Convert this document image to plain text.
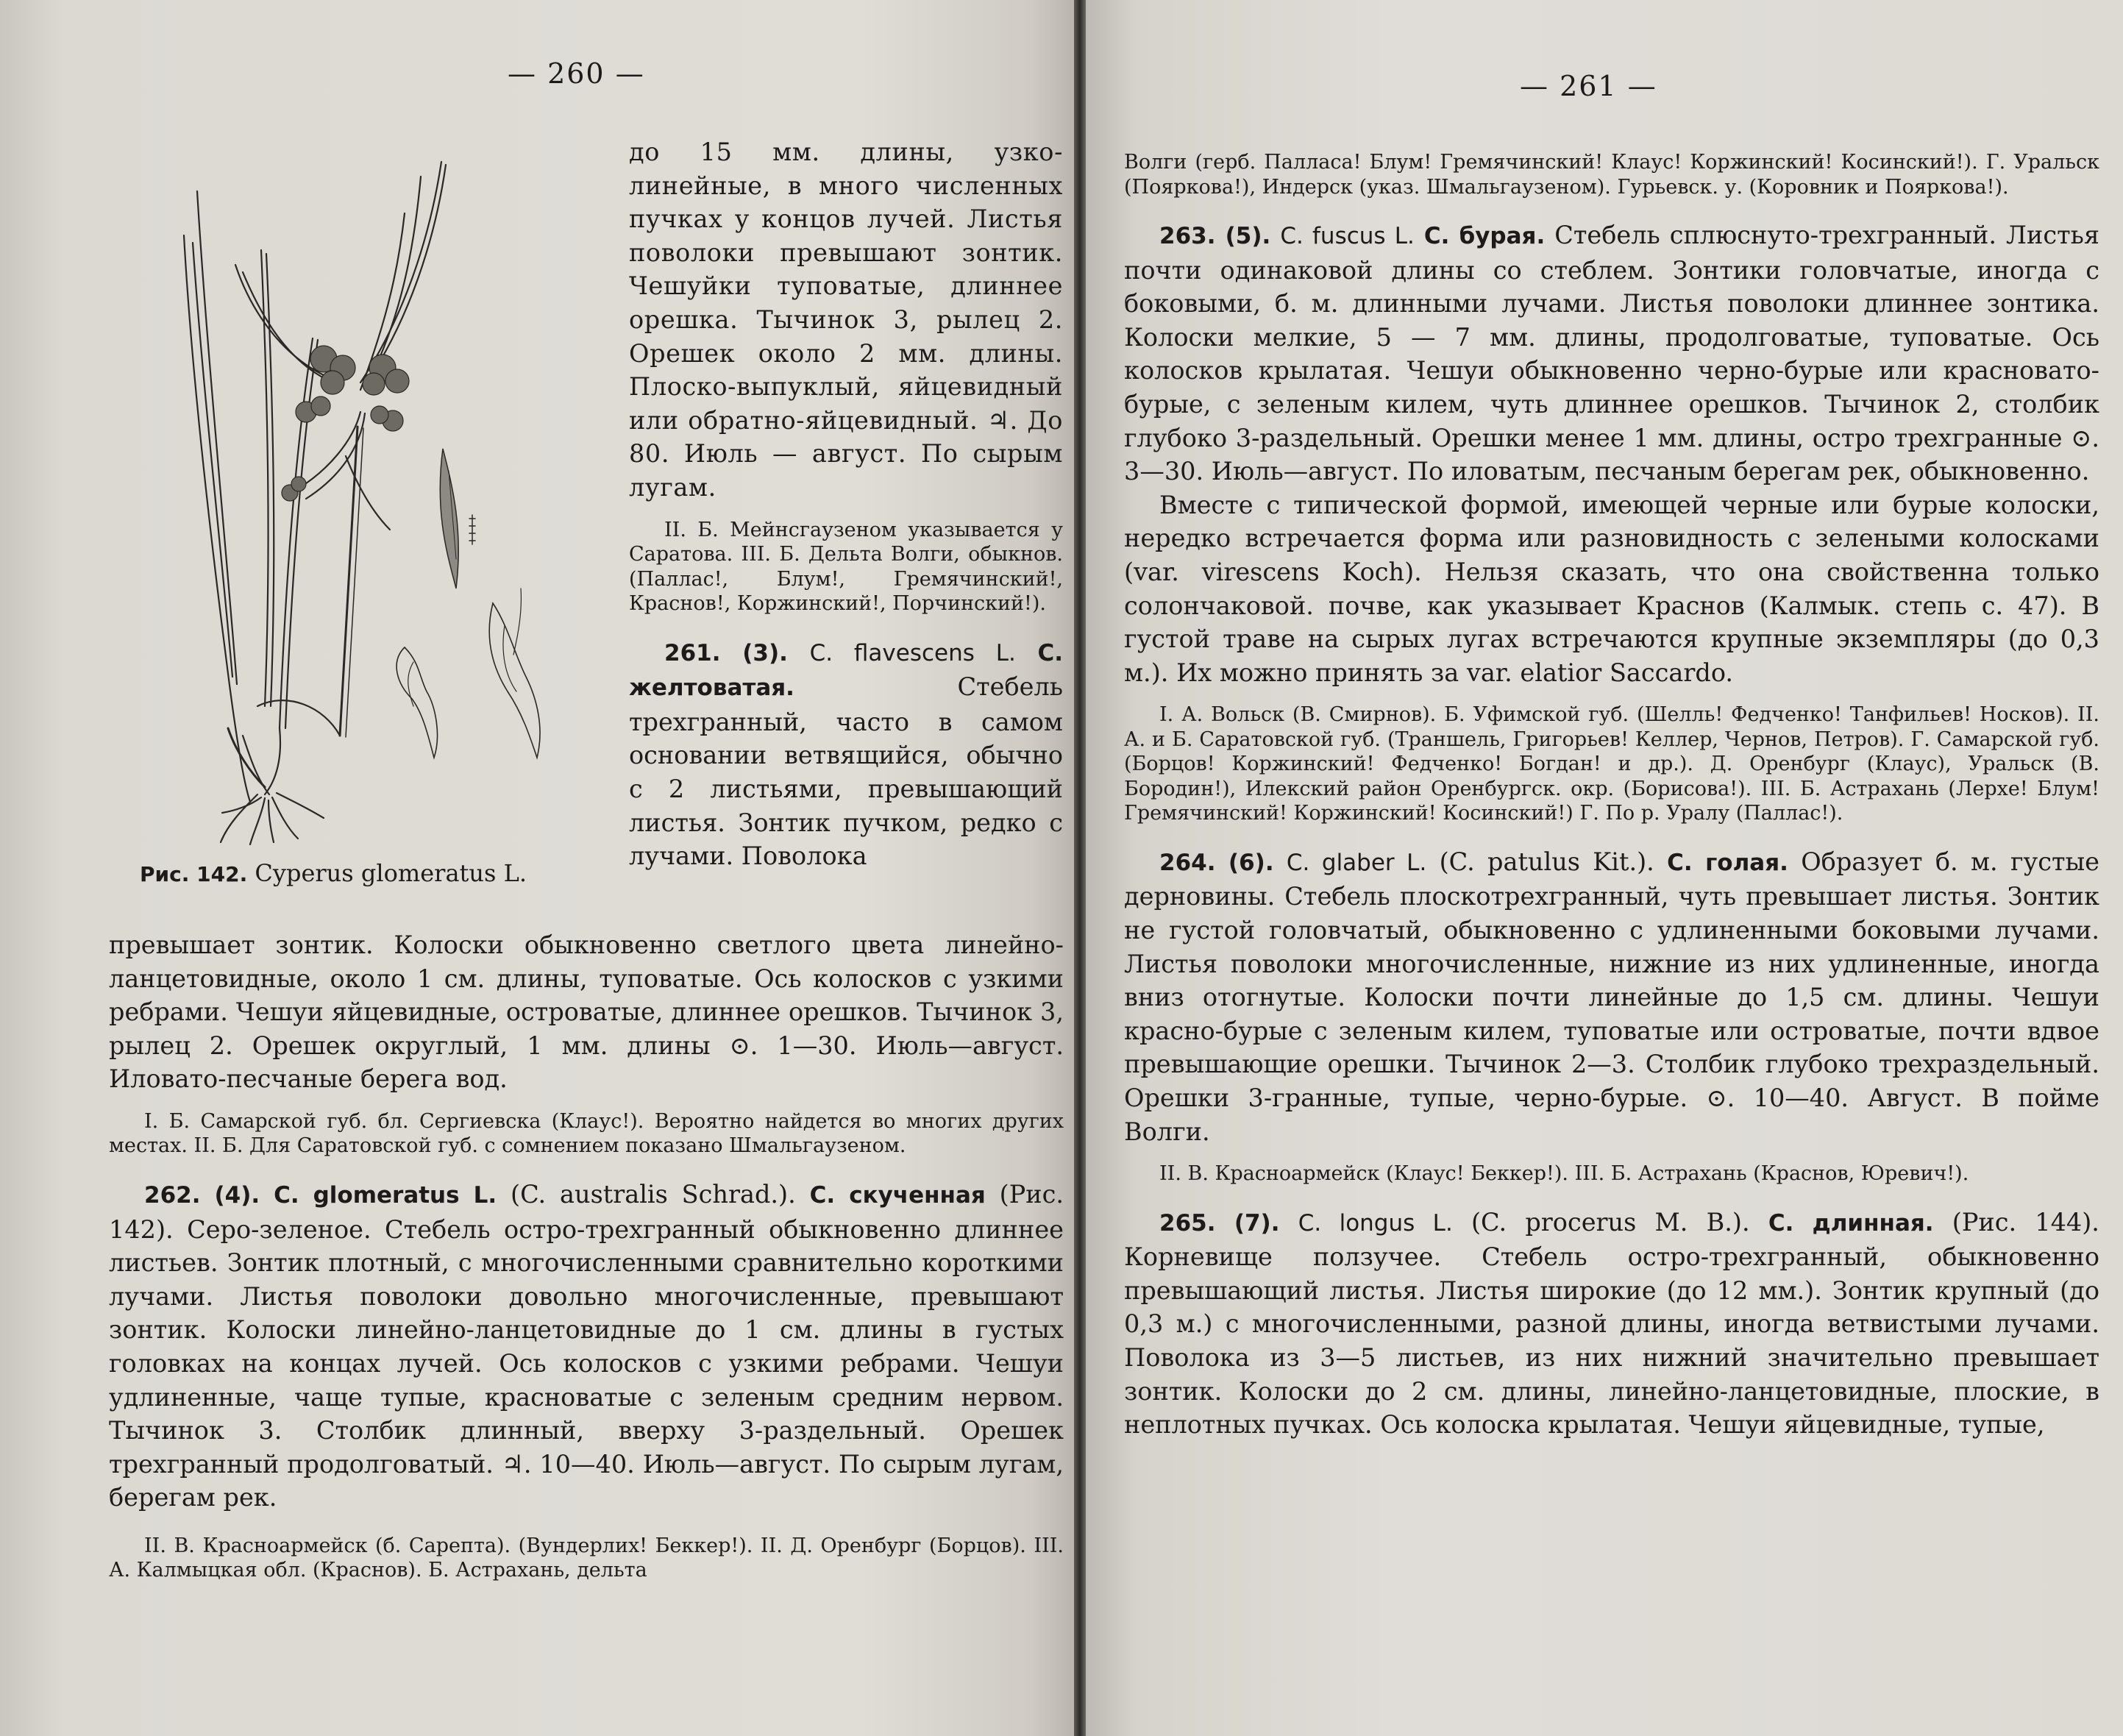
— 260 —
Рис. 142. Cyperus glomeratus L.

до 15 мм. длины, узко-линейные, в много численных пучках у концов лучей. Листья поволоки превышают зонтик. Чешуйки туповатые, длиннее орешка. Тычинок 3, рылец 2. Орешек около 2 мм. длины. Плоско-выпуклый, яйцевидный или обратно-яйцевидный. ♃. До 80. Июль — август. По сырым лугам.

II. Б. Мейнсгаузеном указывается у Саратова. III. Б. Дельта Волги, обыкнов. (Паллас!, Блум!, Гремячинский!, Краснов!, Коржинский!, Порчинский!).

261. (3). C. flavescens L. C. желтоватая.	Стебель трехгранный, часто в самом основании ветвящийся, обычно с 2 листьями, превышающий листья. Зонтик пучком, редко с лучами. Поволока

превышает зонтик. Колоски обыкновенно светлого цвета линейно-ланцетовидные, около 1 см. длины, туповатые. Ось колосков с узкими ребрами. Чешуи яйцевидные, островатые, длиннее орешков. Тычинок 3, рылец 2. Орешек округлый, 1 мм. длины ⊙. 1—30. Июль—август. Иловато-песчаные берега вод.

I. Б. Самарской губ. бл. Сергиевска (Клаус!). Вероятно найдется во многих других местах. II. Б. Для Саратовской губ. с сомнением показано Шмальгаузеном.

262. (4). C. glomeratus L. (C. australis Schrad.). C. скученная (Рис. 142). Серо-зеленое. Стебель остро-трехгранный обыкновенно длиннее листьев. Зонтик плотный, с многочисленными сравнительно короткими лучами. Листья поволоки довольно многочисленные, превышают зонтик. Колоски линейно-ланцетовидные до 1 см. длины в густых головках на концах лучей. Ось колосков с узкими ребрами. Чешуи удлиненные, чаще тупые, красноватые с зеленым средним нервом. Тычинок 3. Столбик длинный, вверху 3-раздельный. Орешек трехгранный продолговатый. ♃. 10—40. Июль—август. По сырым лугам, берегам рек.

II. В. Красноармейск (б. Сарепта). (Вундерлих! Беккер!). II. Д. Оренбург (Борцов). III. А. Калмыцкая обл. (Краснов). Б. Астрахань, дельта

— 261 —

Волги (герб. Палласа! Блум! Гремячинский! Клаус! Коржинский! Косинский!). Г. Уральск (Пояркова!), Индерск (указ. Шмальгаузеном). Гурьевск. у. (Коровник и Пояркова!).

263. (5). C. fuscus L. C. бурая. Стебель сплюснуто-трехгранный. Листья почти одинаковой длины со стеблем. Зонтики головчатые, иногда с боковыми, б. м. длинными лучами. Листья поволоки длиннее зонтика. Колоски мелкие, 5 — 7 мм. длины, продолговатые, туповатые. Ось колосков крылатая. Чешуи обыкновенно черно-бурые или красновато-бурые, с зеленым килем, чуть длиннее орешков. Тычинок 2, столбик глубоко 3-раздельный. Орешки менее 1 мм. длины, остро трехгранные ⊙. 3—30. Июль—август. По иловатым, песчаным берегам рек, обыкновенно.

Вместе с типической формой, имеющей черные или бурые колоски, нередко встречается форма или разновидность с зелеными колосками (var. virescens Koch). Нельзя сказать, что она свойственна только солончаковой. почве, как указывает Краснов (Калмык. степь с. 47). В густой траве на сырых лугах встречаются крупные экземпляры (до 0,3 м.). Их можно принять за var. elatior Saccardo.

I. А. Вольск (В. Смирнов). Б. Уфимской губ. (Шелль! Федченко! Танфильев! Носков). II. А. и Б. Саратовской губ. (Траншель, Григорьев! Келлер, Чернов, Петров). Г. Самарской губ. (Борцов! Коржинский! Федченко! Богдан! и др.). Д. Оренбург (Клаус), Уральск (В. Бородин!), Илекский район Оренбургск. окр. (Борисова!). III. Б. Астрахань (Лерхе! Блум! Гремячинский! Коржинский! Косинский!) Г. По р. Уралу (Паллас!).

264. (6). C. glaber L. (C. patulus Kit.). C. голая. Образует б. м. густые дерновины. Стебель плоскотрехгранный, чуть превышает листья. Зонтик не густой головчатый, обыкновенно с удлиненными боковыми лучами. Листья поволоки многочисленные, нижние из них удлиненные, иногда вниз отогнутые. Колоски почти линейные до 1,5 см. длины. Чешуи красно-бурые с зеленым килем, туповатые или островатые, почти вдвое превышающие орешки. Тычинок 2—3. Столбик глубоко трехраздельный. Орешки 3-гранные, тупые, черно-бурые. ⊙. 10—40. Август. В пойме Волги.

II. В. Красноармейск (Клаус! Беккер!). III. Б. Астрахань (Краснов, Юревич!).

265. (7). C. longus L. (C. procerus M. B.). C. длинная. (Рис. 144). Корневище ползучее. Стебель остро-трехгранный, обыкновенно превышающий листья. Листья широкие (до 12 мм.). Зонтик крупный (до 0,3 м.) с многочисленными, разной длины, иногда ветвистыми лучами. Поволока из 3—5 листьев, из них нижний значительно превышает зонтик. Колоски до 2 см. длины, линейно-ланцетовидные, плоские, в неплотных пучках. Ось колоска крылатая. Чешуи яйцевидные, тупые,
